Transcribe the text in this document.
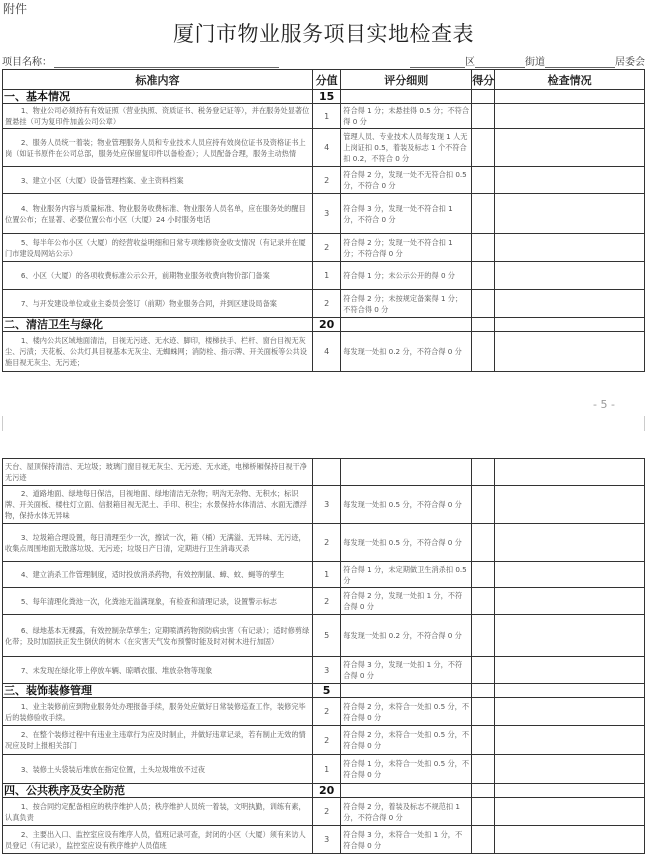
附件
厦门市物业服务项目实地检查表
项目名称：	区	街道	居委会
标准内容	分值	评分细则	得分	检查情况
一、基本情况	15			
1、物业公司必须持有有效证照（营业执照、资质证书、税务登记证等），并在服务处显著位置悬挂（可为复印件加盖公司公章）	1	符合得 1 分；未悬挂得 0.5 分；不符合得 0 分		
2、服务人员统一着装；物业管理服务人员和专业技术人员应持有效岗位证书及资格证书上岗（如证书原件在公司总部，服务处应保留复印件以备检查）；人员配备合理，服务主动热情	4	管理人员、专业技术人员每发现 1 人无上岗证扣 0.5，着装及标志 1 个不符合扣 0.2，不符合 0 分		
3、建立小区（大厦）设备管理档案、业主资料档案	2	符合得 2 分，发现一处不无符合扣 0.5 分，不符合 0 分		
4、物业服务内容与质量标准、物业服务收费标准、物业服务人员名单，应在服务处的醒目位置公布；在显著、必要位置公布小区（大厦）24 小时服务电话	3	符合得 3 分，发现一处不符合扣 1 分，不符合 0 分		
5、每半年公布小区（大厦）的经营收益明细和日常专项维修资金收支情况（有记录并在厦门市建设局网站公示）	2	符合得 2 分；发现一处不符合扣 1 分；不符合得 0 分		
6、小区（大厦）的各项收费标准公示公开，前期物业服务收费向物价部门备案	1	符合得 1 分；未公示公开的得 0 分		
7、与开发建设单位或业主委员会签订（前期）物业服务合同，并到区建设局备案	2	符合得 2 分；未按规定备案得 1 分；不符合得 0 分		
二、清洁卫生与绿化	20			
1、楼内公共区域地面清洁，目视无污迹、无水迹、脚印，楼梯扶手、栏杆、窗台目视无灰尘、污渍；天花板、公共灯具目视基本无灰尘、无蜘蛛网；消防栓、指示牌、开关面板等公共设施目视无灰尘、无污迹；	4	每发现一处扣 0.2 分，不符合得 0 分		
- 5 -
天台、屋顶保持清洁、无垃圾；玻璃门窗目视无灰尘、无污迹、无水迹，电梯桥厢保持目视干净无污迹				
2、道路地面、绿地每日保洁，目视地面、绿地清洁无杂物；明沟无杂物、无积水；标识牌、开关面板、楼柱灯立面、信报箱目视无泥土、手印、积尘；水景保持水体清洁、水面无漂浮物，保持水体无异味	3	每发现一处扣 0.5 分，不符合得 0 分		
3、垃圾箱合理设置，每日清理至少一次，擦试一次，箱（桶）无满溢、无异味、无污迹，收集点周围地面无散落垃圾、无污迹；垃圾日产日清，定期进行卫生消毒灭杀	2	每发现一处扣 0.5 分，不符合得 0 分		
4、建立消杀工作管理制度，适时投放消杀药物，有效控制鼠、蟑、蚊、蝇等的孳生	1	符合得 1 分，未定期做卫生消杀扣 0.5 分		
5、每年清理化粪池一次，化粪池无溢满现象，有检查和清理记录，设置警示标志	2	符合得 2 分，发现一处扣 1 分，不符合得 0 分		
6、绿地基本无裸露，有效控制杂草孳生；定期喷洒药物预防病虫害（有记录）；适时修剪绿化带；及时加固扶正发生倒伏的树木（在灾害天气发布预警时能及时对树木进行加固）	5	每发现一处扣 0.2 分，不符合得 0 分		
7、未发现在绿化带上停放车辆、晾晒衣服、堆放杂物等现象	3	符合得 3 分，发现一处扣 1 分，不符合得 0 分		
三、装饰装修管理	5			
1、业主装修前应到物业服务处办理报备手续，服务处应做好日常装修巡查工作，装修完毕后的装修验收手续。	2	符合得 2 分，未符合一处扣 0.5 分，不符合得 0 分		
2、在整个装修过程中有违业主违章行为应及时制止，并做好违章记录，若有制止无效的情况应及时上报相关部门	2	符合得 2 分，未符合一处扣 0.5 分，不符合得 0 分		
3、装修土头袋装后堆放在指定位置，土头垃圾堆放不过夜	1	符合得 1 分，未符合一处扣 0.5 分，不符合得 0 分		
四、公共秩序及安全防范	20			
1、按合同约定配备相应的秩序维护人员；秩序维护人员统一着装，文明执勤，训练有素，认真负责	2	符合得 2 分，着装及标志不规范扣 1 分，不符合得 0 分		
2、主要出入口、监控室应设有维序人员，值班记录可查，封闭的小区（大厦）须有来访人员登记（有记录），监控室应设有秩序维护人员值班	3	符合得 3 分，未符合一处扣 1 分，不符合得 0 分		
